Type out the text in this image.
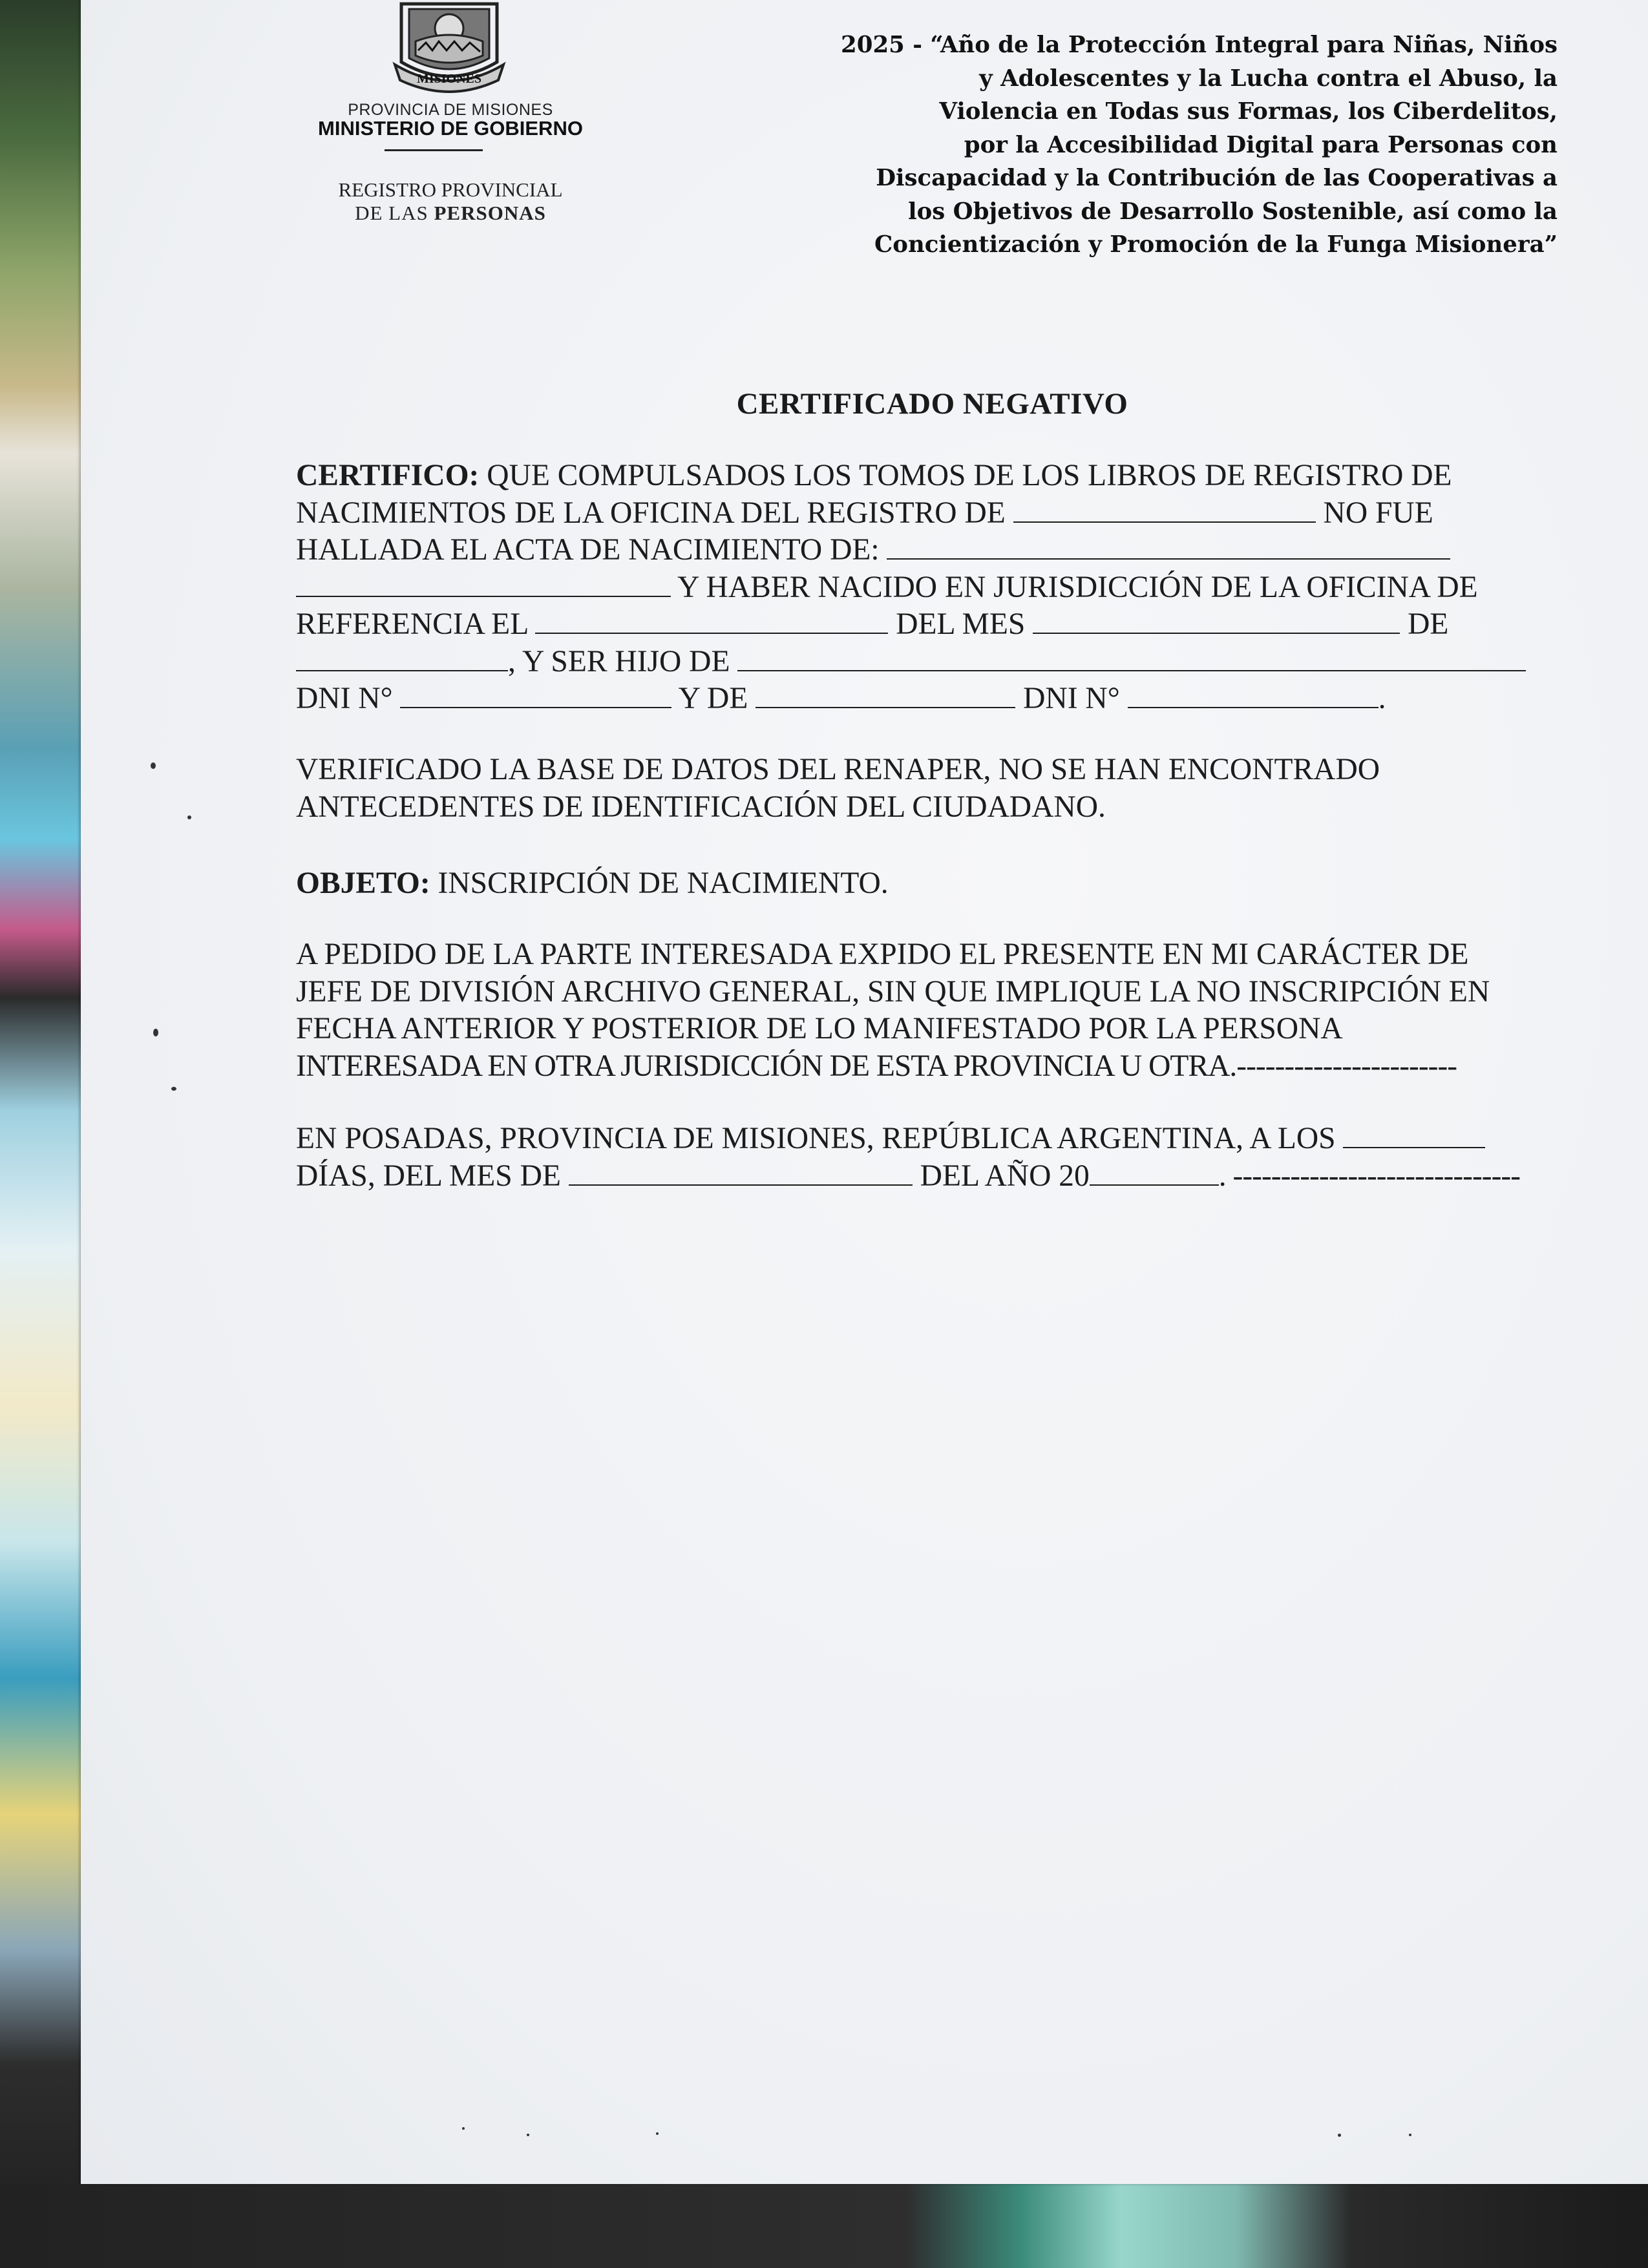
MISIONES
PROVINCIA DE MISIONES
MINISTERIO DE GOBIERNO
REGISTRO PROVINCIAL
DE LAS PERSONAS
2025 - “Año de la Protección Integral para Niñas, Niños
y Adolescentes y la Lucha contra el Abuso, la
Violencia en Todas sus Formas, los Ciberdelitos,
por la Accesibilidad Digital para Personas con
Discapacidad y la Contribución de las Cooperativas a
los Objetivos de Desarrollo Sostenible, así como la
Concientización y Promoción de la Funga Misionera”
CERTIFICADO NEGATIVO
CERTIFICO: QUE COMPULSADOS LOS TOMOS DE LOS LIBROS DE REGISTRO DE
NACIMIENTOS DE LA OFICINA DEL REGISTRO DE	NO FUE
HALLADA EL ACTA DE NACIMIENTO DE:
Y HABER NACIDO EN JURISDICCIÓN DE LA OFICINA DE
REFERENCIA EL	DEL MES	DE
, Y SER HIJO DE
DNI N°	Y DE	DNI N°	.
VERIFICADO LA BASE DE DATOS DEL RENAPER, NO SE HAN ENCONTRADO
ANTECEDENTES DE IDENTIFICACIÓN DEL CIUDADANO.
OBJETO: INSCRIPCIÓN DE NACIMIENTO.
A PEDIDO DE LA PARTE INTERESADA EXPIDO EL PRESENTE EN MI CARÁCTER DE
JEFE DE DIVISIÓN ARCHIVO GENERAL, SIN QUE IMPLIQUE LA NO INSCRIPCIÓN EN
FECHA ANTERIOR Y POSTERIOR DE LO MANIFESTADO POR LA PERSONA
INTERESADA EN OTRA JURISDICCIÓN DE ESTA PROVINCIA U OTRA.-----------------------
EN POSADAS, PROVINCIA DE MISIONES, REPÚBLICA ARGENTINA, A LOS
DÍAS, DEL MES DE	DEL AÑO 20	. ------------------------------
